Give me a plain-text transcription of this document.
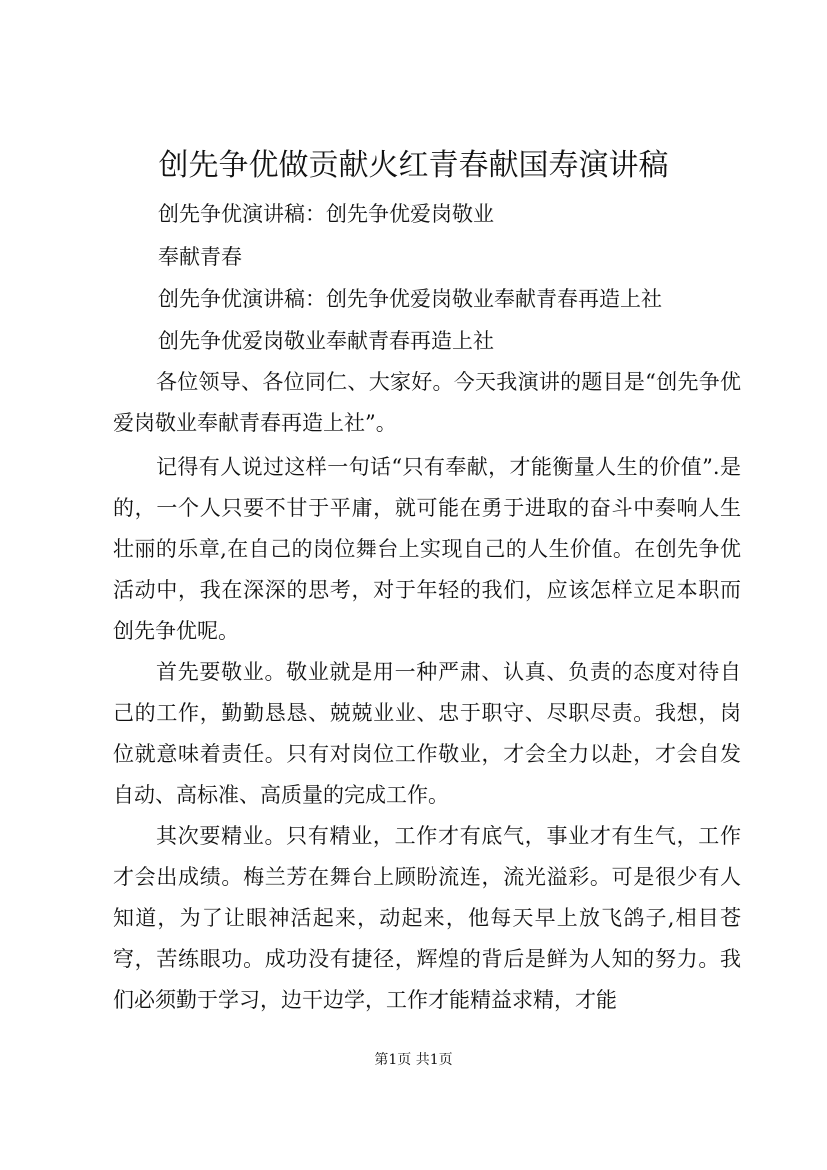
创先争优做贡献火红青春献国寿演讲稿
创先争优演讲稿：创先争优爱岗敬业
奉献青春
创先争优演讲稿：创先争优爱岗敬业奉献青春再造上社
创先争优爱岗敬业奉献青春再造上社

各位领导、各位同仁、大家好。今天我演讲的题目是“创先争优爱岗敬业奉献青春再造上社”。

记得有人说过这样一句话“只有奉献，才能衡量人生的价值”.是的，一个人只要不甘于平庸，就可能在勇于进取的奋斗中奏响人生壮丽的乐章,在自己的岗位舞台上实现自己的人生价值。在创先争优活动中，我在深深的思考，对于年轻的我们，应该怎样立足本职而创先争优呢。

首先要敬业。敬业就是用一种严肃、认真、负责的态度对待自己的工作，勤勤恳恳、兢兢业业、忠于职守、尽职尽责。我想，岗位就意味着责任。只有对岗位工作敬业，才会全力以赴，才会自发自动、高标准、高质量的完成工作。

其次要精业。只有精业，工作才有底气，事业才有生气，工作才会出成绩。梅兰芳在舞台上顾盼流连，流光溢彩。可是很少有人知道，为了让眼神活起来，动起来，他每天早上放飞鸽子,相目苍穹，苦练眼功。成功没有捷径，辉煌的背后是鲜为人知的努力。我们必须勤于学习，边干边学，工作才能精益求精，才能

第1页 共1页
